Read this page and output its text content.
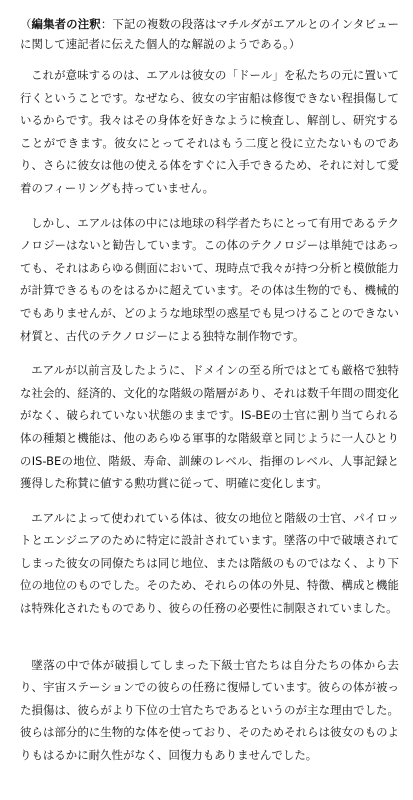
（編集者の注釈：下記の複数の段落はマチルダがエアルとのインタビューに関して速記者に伝えた個人的な解説のようである。）

これが意味するのは、エアルは彼女の「ドール」を私たちの元に置いて行くということです。なぜなら、彼女の宇宙船は修復できない程損傷しているからです。我々はその身体を好きなように検査し、解剖し、研究することができます。彼女にとってそれはもう二度と役に立たないものであり、さらに彼女は他の使える体をすぐに入手できるため、それに対して愛着のフィーリングも持っていません。

しかし、エアルは体の中には地球の科学者たちにとって有用であるテクノロジーはないと勧告しています。この体のテクノロジーは単純ではあっても、それはあらゆる側面において、現時点で我々が持つ分析と模倣能力が計算できるものをはるかに超えています。その体は生物的でも、機械的でもありませんが、どのような地球型の惑星でも見つけることのできない材質と、古代のテクノロジーによる独特な制作物です。

エアルが以前言及したように、ドメインの至る所ではとても厳格で独特な社会的、経済的、文化的な階級の階層があり、それは数千年間の間変化がなく、破られていない状態のままです。IS-BEの士官に割り当てられる体の種類と機能は、他のあらゆる軍事的な階級章と同じように一人ひとりのIS-BEの地位、階級、寿命、訓練のレベル、指揮のレベル、人事記録と獲得した称賛に値する勲功賞に従って、明確に変化します。

エアルによって使われている体は、彼女の地位と階級の士官、パイロットとエンジニアのために特定に設計されています。墜落の中で破壊されてしまった彼女の同僚たちは同じ地位、または階級のものではなく、より下位の地位のものでした。そのため、それらの体の外見、特徴、構成と機能は特殊化されたものであり、彼らの任務の必要性に制限されていました。

墜落の中で体が破損してしまった下級士官たちは自分たちの体から去り、宇宙ステーションでの彼らの任務に復帰しています。彼らの体が被った損傷は、彼らがより下位の士官たちであるというのが主な理由でした。彼らは部分的に生物的な体を使っており、そのためそれらは彼女のものよりもはるかに耐久性がなく、回復力もありませんでした。
